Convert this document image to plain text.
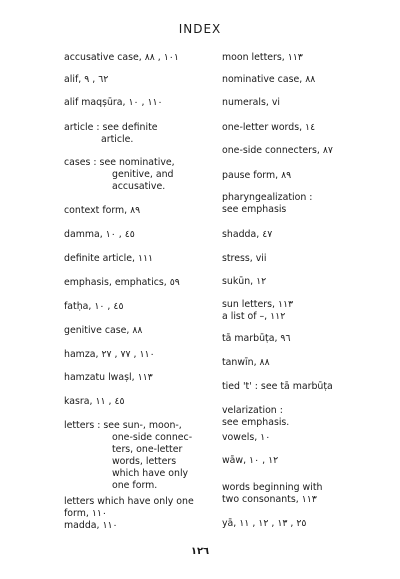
INDEX
accusative case, ١٠١ , ٨٨
alif, ٦٢ , ٩
alif maqṣūra, ١١٠ , ١٠
article : see definite
article.
cases : see nominative,
genitive, and
accusative.
context form, ٨٩
damma, ٤٥ , ١٠
definite article, ١١١
emphasis, emphatics, ٥٩
fatḥa, ٤٥ , ١٠
genitive case, ٨٨
hamza, ١١٠ , ٧٧ , ٢٧
hamzatu lwaṣl, ١١٣
kasra, ٤٥ , ١١
letters : see sun-, moon-,
one-side connec-
ters, one-letter
words, letters
which have only
one form.
letters which have only one
form, ١١٠
madda, ١١٠
moon letters, ١١٣
nominative case, ٨٨
numerals, vi
one-letter words, ١٤
one-side connecters, ٨٧
pause form, ٨٩
pharyngealization :
see emphasis
shadda, ٤٧
stress, vii
sukūn, ١٢
sun letters, ١١٣
a list of –, ١١٢
tā marbūṭa, ٩٦
tanwīn, ٨٨
tied 't' : see tā marbūṭa
velarization :
see emphasis.
vowels, ١٠
wāw, ١٢ , ١٠
words beginning with
two consonants, ١١٣
yā, ٢٥ , ١٣ , ١٢ , ١١
١٢٦
